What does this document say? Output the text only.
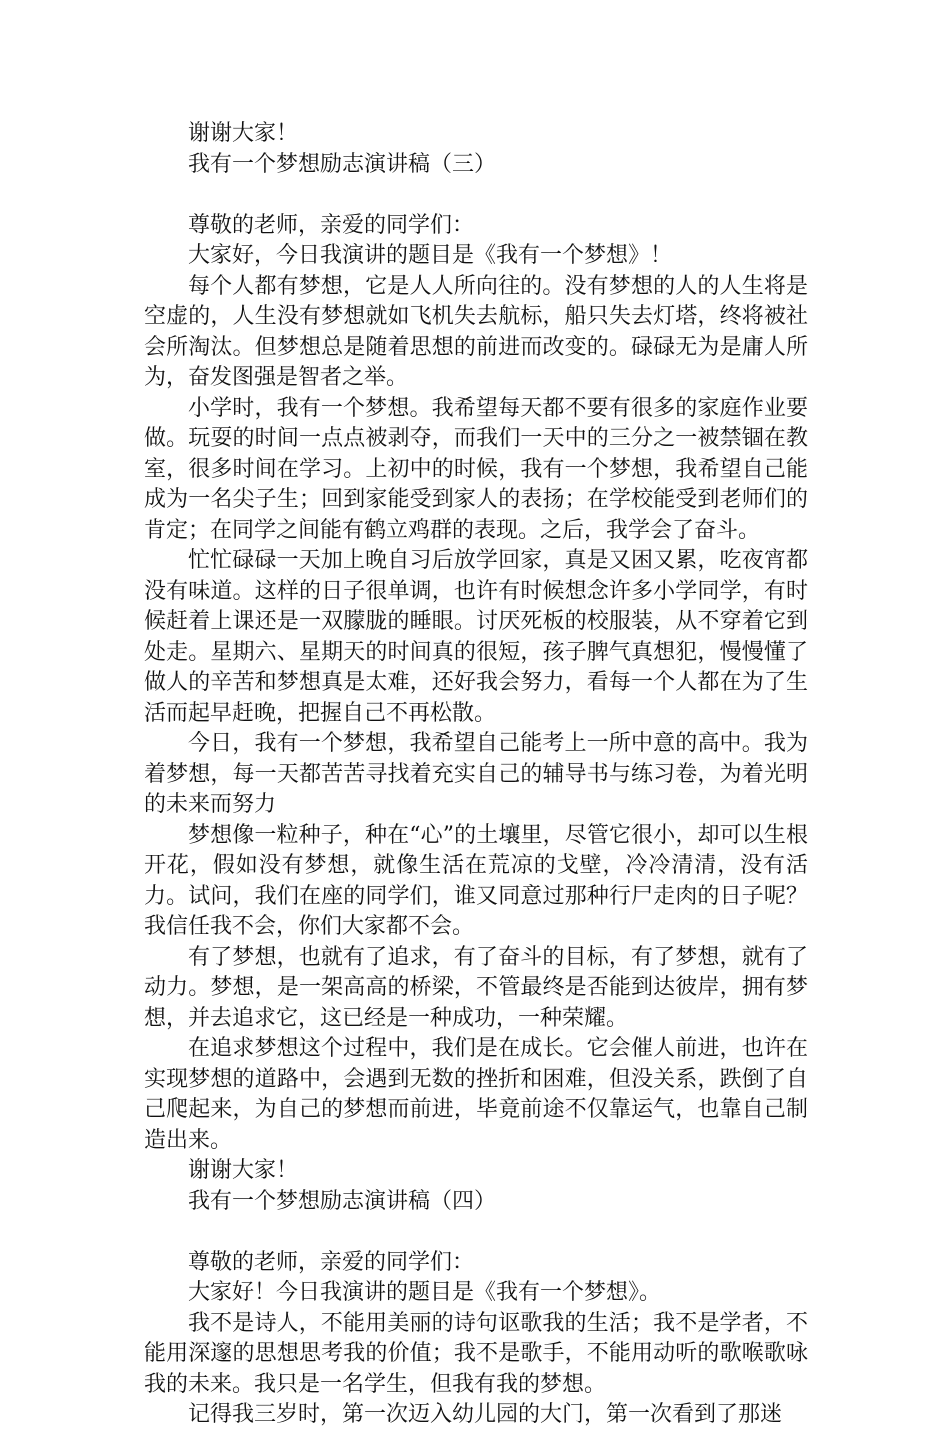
谢谢大家！

我有一个梦想励志演讲稿（三）

尊敬的老师，亲爱的同学们：

大家好，今日我演讲的题目是《我有一个梦想》！

每个人都有梦想，它是人人所向往的。没有梦想的人的人生将是空虚的，人生没有梦想就如飞机失去航标，船只失去灯塔，终将被社会所淘汰。但梦想总是随着思想的前进而改变的。碌碌无为是庸人所为，奋发图强是智者之举。

小学时，我有一个梦想。我希望每天都不要有很多的家庭作业要做。玩耍的时间一点点被剥夺，而我们一天中的三分之一被禁锢在教室，很多时间在学习。上初中的时候，我有一个梦想，我希望自己能成为一名尖子生；回到家能受到家人的表扬；在学校能受到老师们的肯定；在同学之间能有鹤立鸡群的表现。之后，我学会了奋斗。

忙忙碌碌一天加上晚自习后放学回家，真是又困又累，吃夜宵都没有味道。这样的日子很单调，也许有时候想念许多小学同学，有时候赶着上课还是一双朦胧的睡眼。讨厌死板的校服装，从不穿着它到处走。星期六、星期天的时间真的很短，孩子脾气真想犯，慢慢懂了做人的辛苦和梦想真是太难，还好我会努力，看每一个人都在为了生活而起早赶晚，把握自己不再松散。

今日，我有一个梦想，我希望自己能考上一所中意的高中。我为着梦想，每一天都苦苦寻找着充实自己的辅导书与练习卷，为着光明的未来而努力

梦想像一粒种子，种在“心”的土壤里，尽管它很小，却可以生根开花，假如没有梦想，就像生活在荒凉的戈壁，冷冷清清，没有活力。试问，我们在座的同学们，谁又同意过那种行尸走肉的日子呢？我信任我不会，你们大家都不会。

有了梦想，也就有了追求，有了奋斗的目标，有了梦想，就有了动力。梦想，是一架高高的桥梁，不管最终是否能到达彼岸，拥有梦想，并去追求它，这已经是一种成功，一种荣耀。

在追求梦想这个过程中，我们是在成长。它会催人前进，也许在实现梦想的道路中，会遇到无数的挫折和困难，但没关系，跌倒了自己爬起来，为自己的梦想而前进，毕竟前途不仅靠运气，也靠自己制造出来。

谢谢大家！

我有一个梦想励志演讲稿（四）

尊敬的老师，亲爱的同学们：

大家好！今日我演讲的题目是《我有一个梦想》。

我不是诗人，不能用美丽的诗句讴歌我的生活；我不是学者，不能用深邃的思想思考我的价值；我不是歌手，不能用动听的歌喉歌咏我的未来。我只是一名学生，但我有我的梦想。

记得我三岁时，第一次迈入幼儿园的大门，第一次看到了那迷
